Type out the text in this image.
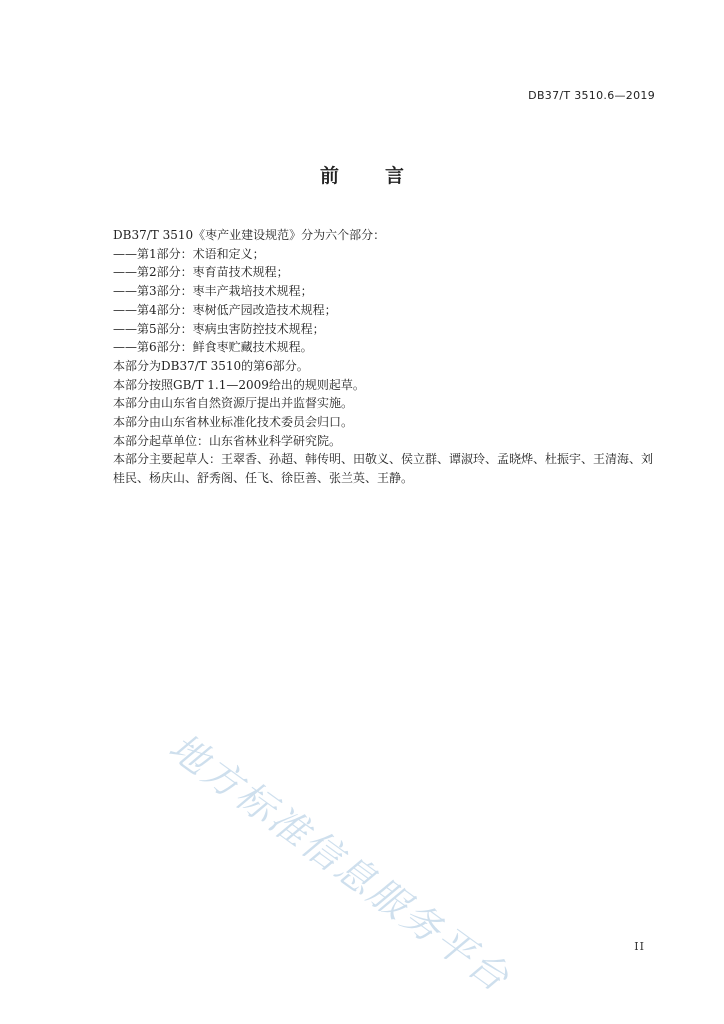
DB37/T 3510.6—2019
前言
DB37/T 3510《枣产业建设规范》分为六个部分：
——第1部分：术语和定义；
——第2部分：枣育苗技术规程；
——第3部分：枣丰产栽培技术规程；
——第4部分：枣树低产园改造技术规程；
——第5部分：枣病虫害防控技术规程；
——第6部分：鲜食枣贮藏技术规程。
本部分为DB37/T 3510的第6部分。
本部分按照GB/T 1.1—2009给出的规则起草。
本部分由山东省自然资源厅提出并监督实施。
本部分由山东省林业标准化技术委员会归口。
本部分起草单位：山东省林业科学研究院。
本部分主要起草人：王翠香、孙超、韩传明、田敬义、侯立群、谭淑玲、孟晓烨、杜振宇、王清海、刘桂民、杨庆山、舒秀阁、任飞、徐臣善、张兰英、王静。
地方标准信息服务平台	II
